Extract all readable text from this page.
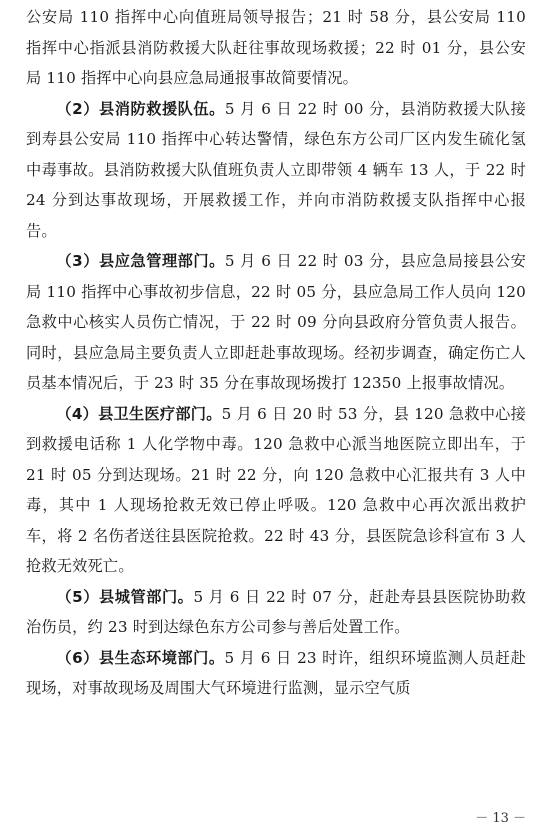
公安局 110 指挥中心向值班局领导报告；21 时 58 分，县公安局 110 指挥中心指派县消防救援大队赶往事故现场救援；22 时 01 分，县公安局 110 指挥中心向县应急局通报事故简要情况。

（2）县消防救援队伍。5 月 6 日 22 时 00 分，县消防救援大队接到寿县公安局 110 指挥中心转达警情，绿色东方公司厂区内发生硫化氢中毒事故。县消防救援大队值班负责人立即带领 4 辆车 13 人，于 22 时 24 分到达事故现场，开展救援工作，并向市消防救援支队指挥中心报告。

（3）县应急管理部门。5 月 6 日 22 时 03 分，县应急局接县公安局 110 指挥中心事故初步信息，22 时 05 分，县应急局工作人员向 120 急救中心核实人员伤亡情况，于 22 时 09 分向县政府分管负责人报告。同时，县应急局主要负责人立即赶赴事故现场。经初步调查，确定伤亡人员基本情况后，于 23 时 35 分在事故现场拨打 12350 上报事故情况。

（4）县卫生医疗部门。5 月 6 日 20 时 53 分，县 120 急救中心接到救援电话称 1 人化学物中毒。120 急救中心派当地医院立即出车，于 21 时 05 分到达现场。21 时 22 分，向 120 急救中心汇报共有 3 人中毒，其中 1 人现场抢救无效已停止呼吸。120 急救中心再次派出救护车，将 2 名伤者送往县医院抢救。22 时 43 分，县医院急诊科宣布 3 人抢救无效死亡。

（5）县城管部门。5 月 6 日 22 时 07 分，赶赴寿县县医院协助救治伤员，约 23 时到达绿色东方公司参与善后处置工作。

（6）县生态环境部门。5 月 6 日 23 时许，组织环境监测人员赶赴现场，对事故现场及周围大气环境进行监测，显示空气质

－ 13 －
